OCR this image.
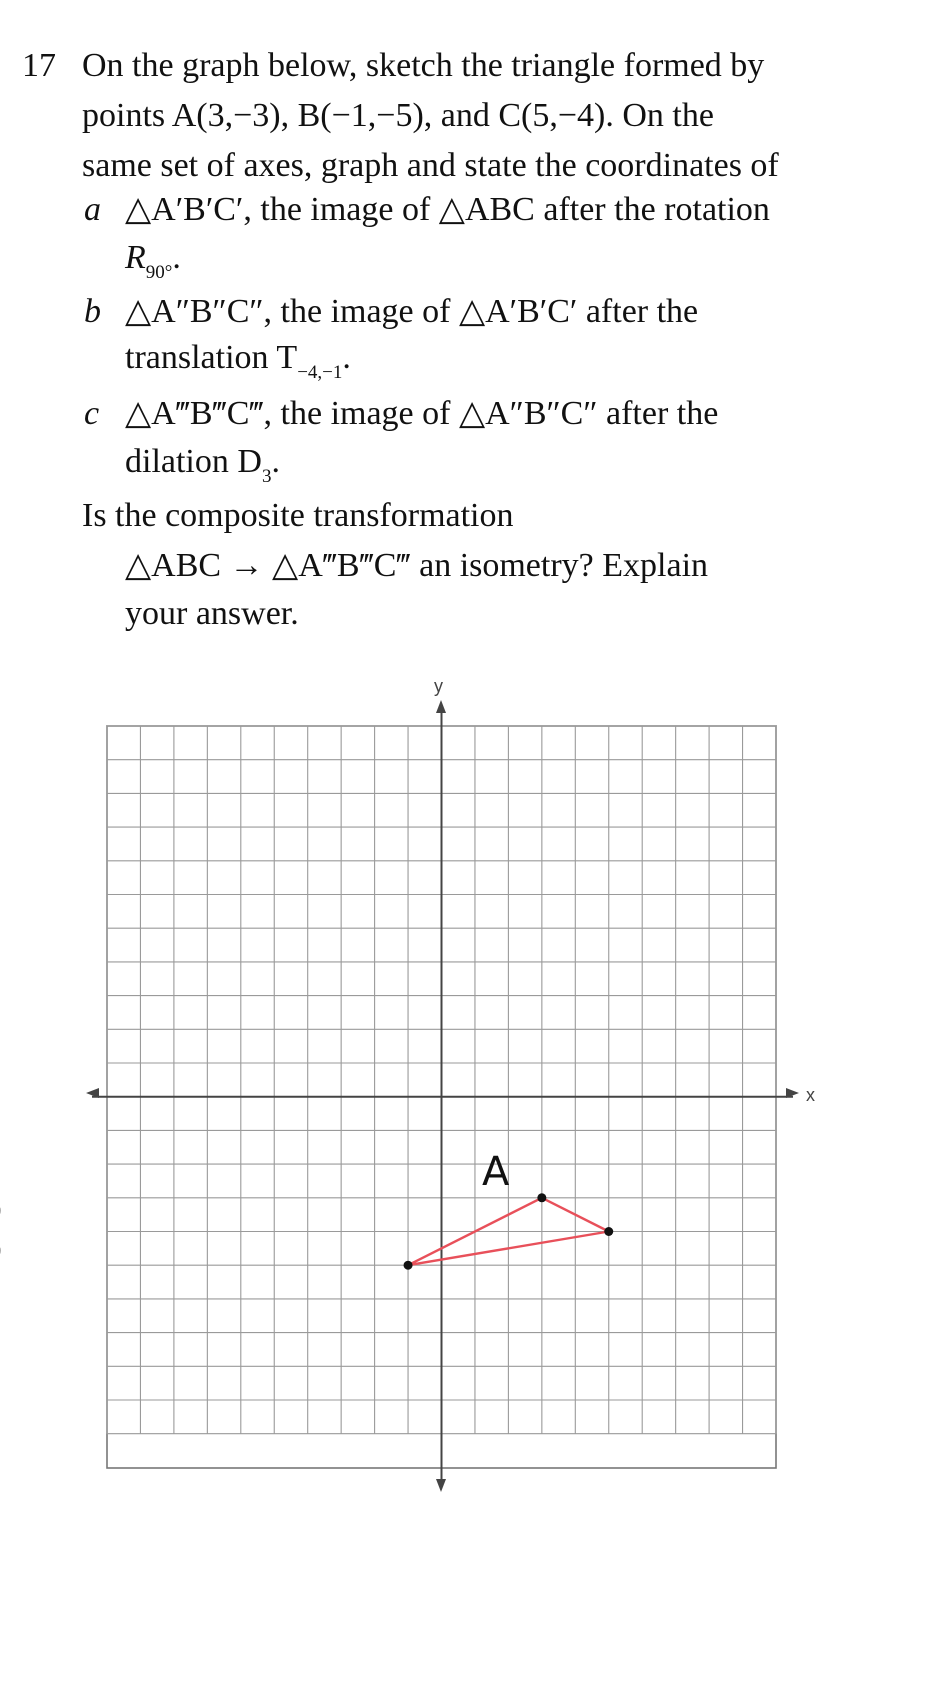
17 On the graph below, sketch the triangle formed by
points A(3,−3), B(−1,−5), and C(5,−4). On the
same set of axes, graph and state the coordinates of
a △A′B′C′, the image of △ABC after the rotation
$R_{90^\circ}$.
b △A″B″C″, the image of △A′B′C′ after the
translation $T_{-4,-1}$.
c △A‴B‴C‴, the image of △A″B″C″ after the
dilation $D_3$.
Is the composite transformation
△ABC → △A‴B‴C‴ an isometry? Explain
your answer.
x
y
A
